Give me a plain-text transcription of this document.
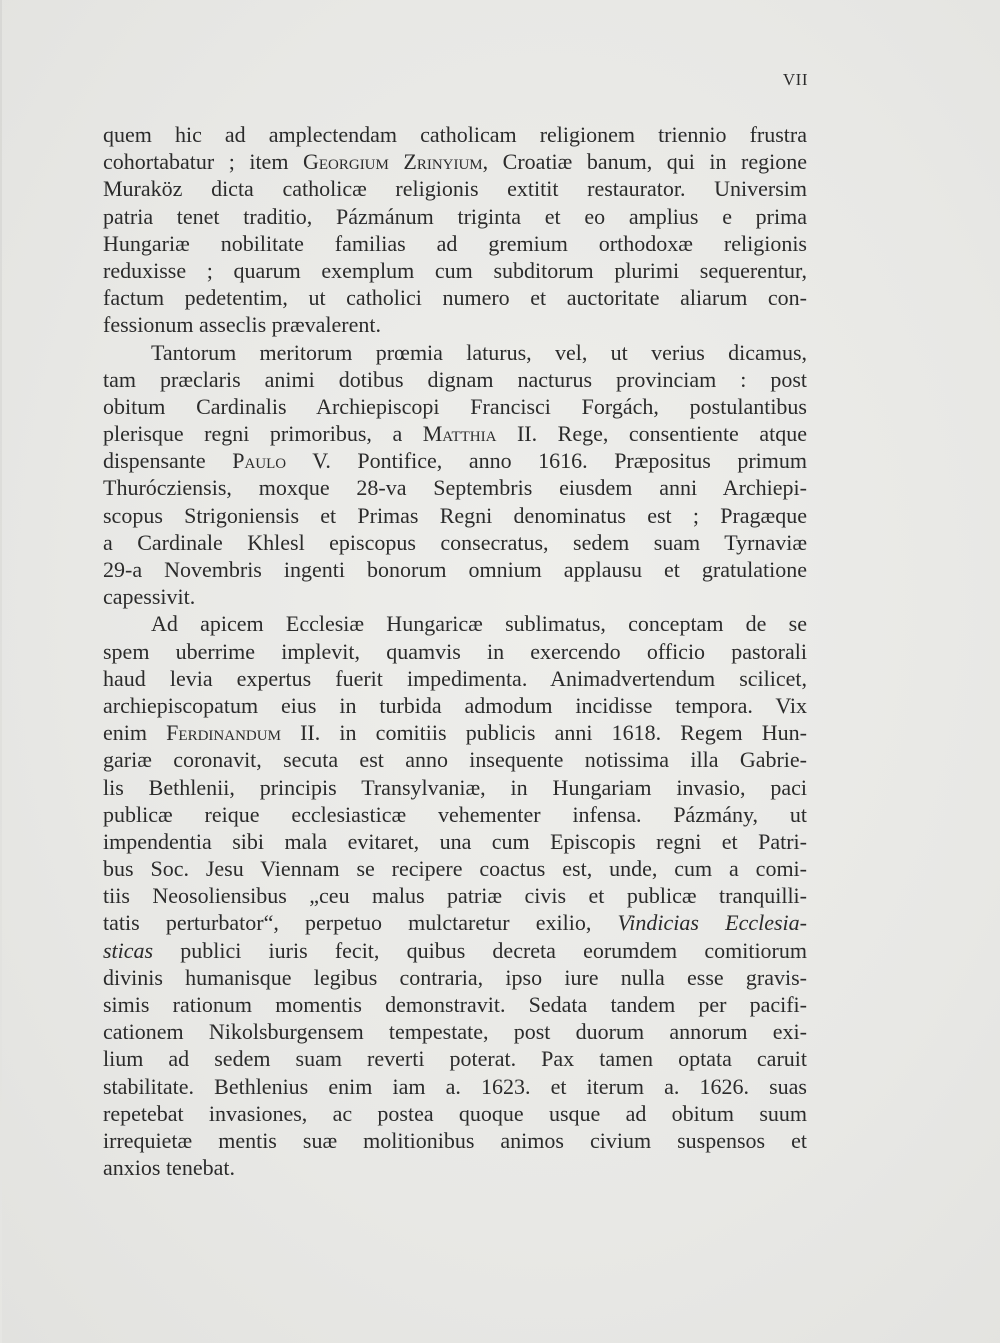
VII
quem hic ad amplectendam catholicam religionem triennio frustra
cohortabatur ; item Georgium Zrinyium, Croatiæ banum, qui in regione
Muraköz dicta catholicæ religionis extitit restaurator. Universim
patria tenet traditio, Pázmánum triginta et eo amplius e prima
Hungariæ nobilitate familias ad gremium orthodoxæ religionis
reduxisse ; quarum exemplum cum subditorum plurimi sequerentur,
factum pedetentim, ut catholici numero et auctoritate aliarum con-
fessionum asseclis prævalerent.
Tantorum meritorum prœmia laturus, vel, ut verius dicamus,
tam præclaris animi dotibus dignam nacturus provinciam : post
obitum Cardinalis Archiepiscopi Francisci Forgách, postulantibus
plerisque regni primoribus, a Matthia II. Rege, consentiente atque
dispensante Paulo V. Pontifice, anno 1616. Præpositus primum
Thuróczіensis, moxque 28-va Septembris eiusdem anni Archiepi-
scopus Strigoniensis et Primas Regni denominatus est ; Pragæque
a Cardinale Khlesl episcopus consecratus, sedem suam Tyrnaviæ
29-a Novembris ingenti bonorum omnium applausu et gratulatione
capessivit.
Ad apicem Ecclesiæ Hungaricæ sublimatus, conceptam de se
spem uberrime implevit, quamvis in exercendo officio pastorali
haud levia expertus fuerit impedimenta. Animadvertendum scilicet,
archiepiscopatum eius in turbida admodum incidisse tempora. Vix
enim Ferdinandum II. in comitiis publicis anni 1618. Regem Hun-
gariæ coronavit, secuta est anno insequente notissima illa Gabrie-
lis Bethlenii, principis Transylvaniæ, in Hungariam invasio, paci
publicæ reique ecclesiasticæ vehementer infensa. Pázmány, ut
impendentia sibi mala evitaret, una cum Episcopis regni et Patri-
bus Soc. Jesu Viennam se recipere coactus est, unde, cum a comi-
tiis Neosoliensibus „ceu malus patriæ civis et publicæ tranquilli-
tatis perturbator“, perpetuo mulctaretur exilio, Vindicias Ecclesia-
sticas publici iuris fecit, quibus decreta eorumdem comitiorum
divinis humanisque legibus contraria, ipso iure nulla esse gravis-
simis rationum momentis demonstravit. Sedata tandem per pacifi-
cationem Nikolsburgensem tempestate, post duorum annorum exi-
lium ad sedem suam reverti poterat. Pax tamen optata caruit
stabilitate. Bethlenius enim iam a. 1623. et iterum a. 1626. suas
repetebat invasiones, ac postea quoque usque ad obitum suum
irrequietæ mentis suæ molitionibus animos civium suspensos et
anxios tenebat.
